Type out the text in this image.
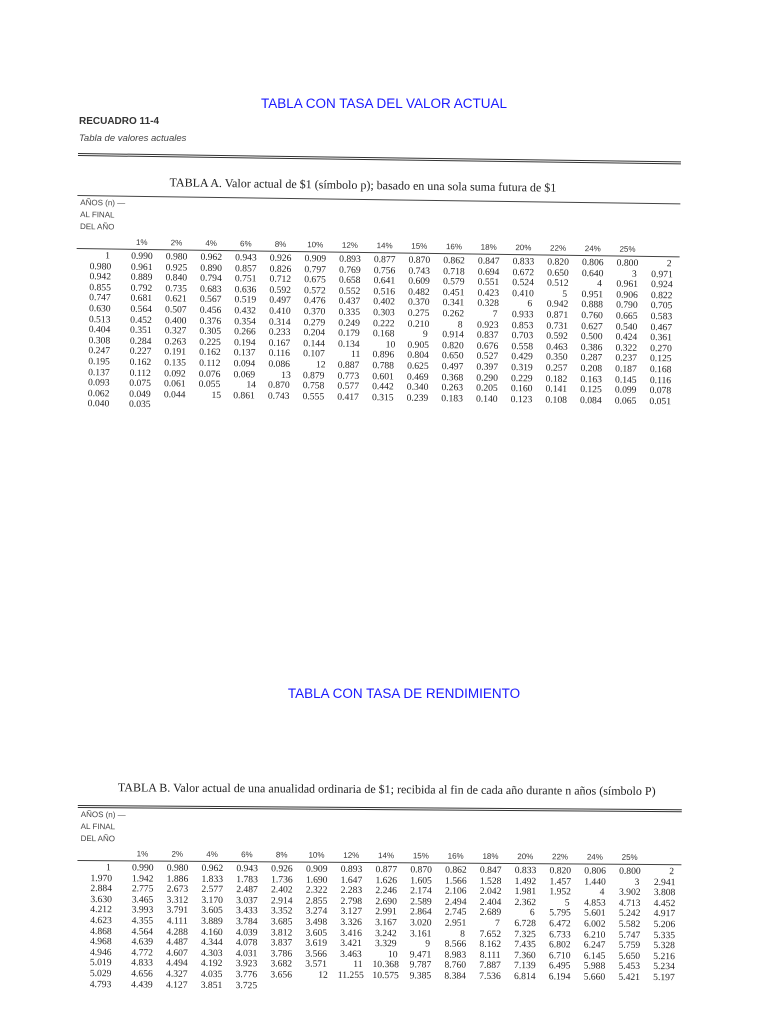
TABLA CON TASA DEL VALOR ACTUAL
RECUADRO 11-4
Tabla de valores actuales
TABLA A. Valor actual de $1 (símbolo p); basado en una sola suma futura de $1
AÑOS (n) —
AL FINAL
DEL AÑO
1%	2%	4%	6%	8%	10%	12%	14%	15%	16%	18%	20%	22%	24%	25%
1	0.990	0.980	0.962	0.943	0.926	0.909	0.893	0.877	0.870	0.862	0.847	0.833	0.820	0.806	0.800	2
0.980	0.961	0.925	0.890	0.857	0.826	0.797	0.769	0.756	0.743	0.718	0.694	0.672	0.650	0.640	3	0.971
0.942	0.889	0.840	0.794	0.751	0.712	0.675	0.658	0.641	0.609	0.579	0.551	0.524	0.512	4	0.961	0.924
0.855	0.792	0.735	0.683	0.636	0.592	0.572	0.552	0.516	0.482	0.451	0.423	0.410	5	0.951	0.906	0.822
0.747	0.681	0.621	0.567	0.519	0.497	0.476	0.437	0.402	0.370	0.341	0.328	6	0.942	0.888	0.790	0.705
0.630	0.564	0.507	0.456	0.432	0.410	0.370	0.335	0.303	0.275	0.262	7	0.933	0.871	0.760	0.665	0.583
0.513	0.452	0.400	0.376	0.354	0.314	0.279	0.249	0.222	0.210	8	0.923	0.853	0.731	0.627	0.540	0.467
0.404	0.351	0.327	0.305	0.266	0.233	0.204	0.179	0.168	9	0.914	0.837	0.703	0.592	0.500	0.424	0.361
0.308	0.284	0.263	0.225	0.194	0.167	0.144	0.134	10	0.905	0.820	0.676	0.558	0.463	0.386	0.322	0.270
0.247	0.227	0.191	0.162	0.137	0.116	0.107	11	0.896	0.804	0.650	0.527	0.429	0.350	0.287	0.237	0.125
0.195	0.162	0.135	0.112	0.094	0.086	12	0.887	0.788	0.625	0.497	0.397	0.319	0.257	0.208	0.187	0.168
0.137	0.112	0.092	0.076	0.069	13	0.879	0.773	0.601	0.469	0.368	0.290	0.229	0.182	0.163	0.145	0.116
0.093	0.075	0.061	0.055	14	0.870	0.758	0.577	0.442	0.340	0.263	0.205	0.160	0.141	0.125	0.099	0.078
0.062	0.049	0.044	15	0.861	0.743	0.555	0.417	0.315	0.239	0.183	0.140	0.123	0.108	0.084	0.065	0.051
0.040	0.035
TABLA CON TASA DE RENDIMIENTO
TABLA B. Valor actual de una anualidad ordinaria de $1; recibida al fin de cada año durante n años (símbolo P)
AÑOS (n) —
AL FINAL
DEL AÑO
1%	2%	4%	6%	8%	10%	12%	14%	15%	16%	18%	20%	22%	24%	25%
1	0.990	0.980	0.962	0.943	0.926	0.909	0.893	0.877	0.870	0.862	0.847	0.833	0.820	0.806	0.800	2
1.970	1.942	1.886	1.833	1.783	1.736	1.690	1.647	1.626	1.605	1.566	1.528	1.492	1.457	1.440	3	2.941
2.884	2.775	2.673	2.577	2.487	2.402	2.322	2.283	2.246	2.174	2.106	2.042	1.981	1.952	4	3.902	3.808
3.630	3.465	3.312	3.170	3.037	2.914	2.855	2.798	2.690	2.589	2.494	2.404	2.362	5	4.853	4.713	4.452
4.212	3.993	3.791	3.605	3.433	3.352	3.274	3.127	2.991	2.864	2.745	2.689	6	5.795	5.601	5.242	4.917
4.623	4.355	4.111	3.889	3.784	3.685	3.498	3.326	3.167	3.020	2.951	7	6.728	6.472	6.002	5.582	5.206
4.868	4.564	4.288	4.160	4.039	3.812	3.605	3.416	3.242	3.161	8	7.652	7.325	6.733	6.210	5.747	5.335
4.968	4.639	4.487	4.344	4.078	3.837	3.619	3.421	3.329	9	8.566	8.162	7.435	6.802	6.247	5.759	5.328
4.946	4.772	4.607	4.303	4.031	3.786	3.566	3.463	10	9.471	8.983	8.111	7.360	6.710	6.145	5.650	5.216
5.019	4.833	4.494	4.192	3.923	3.682	3.571	11	10.368	9.787	8.760	7.887	7.139	6.495	5.988	5.453	5.234
5.029	4.656	4.327	4.035	3.776	3.656	12	11.255 10.575	9.385	8.384	7.536	6.814	6.194	5.660	5.421	5.197
4.793	4.439	4.127	3.851	3.725
